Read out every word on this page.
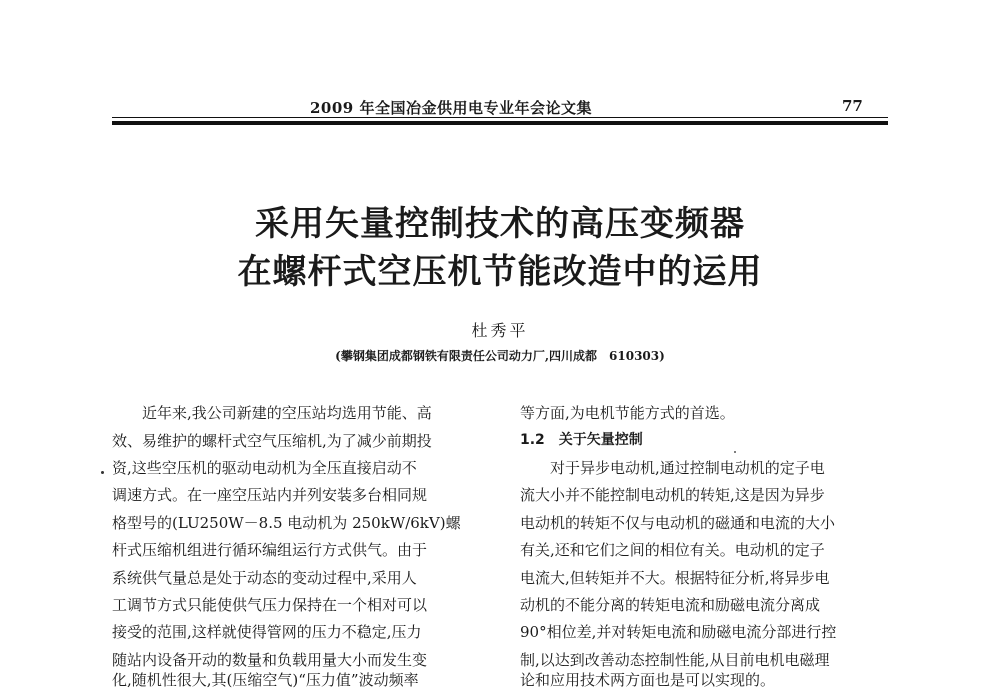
2009 年全国冶金供用电专业年会论文集	77
采用矢量控制技术的高压变频器
在螺杆式空压机节能改造中的运用
杜秀平
(攀钢集团成都钢铁有限责任公司动力厂,四川成都　610303)
　　近年来,我公司新建的空压站均选用节能、高
效、易维护的螺杆式空气压缩机,为了减少前期投
资,这些空压机的驱动电动机为全压直接启动不
调速方式。在一座空压站内并列安装多台相同规
格型号的(LU250W－8.5 电动机为 250kW/6kV)螺
杆式压缩机组进行循环编组运行方式供气。由于
系统供气量总是处于动态的变动过程中,采用人
工调节方式只能使供气压力保持在一个相对可以
接受的范围,这样就使得管网的压力不稳定,压力
随站内设备开动的数量和负载用量大小而发生变
化,随机性很大,其(压缩空气)“压力值”波动频率
等方面,为电机节能方式的首选。
1.2　关于矢量控制
　　对于异步电动机,通过控制电动机的定子电
流大小并不能控制电动机的转矩,这是因为异步
电动机的转矩不仅与电动机的磁通和电流的大小
有关,还和它们之间的相位有关。电动机的定子
电流大,但转矩并不大。根据特征分析,将异步电
动机的不能分离的转矩电流和励磁电流分离成
90°相位差,并对转矩电流和励磁电流分部进行控
制,以达到改善动态控制性能,从目前电机电磁理
论和应用技术两方面也是可以实现的。
